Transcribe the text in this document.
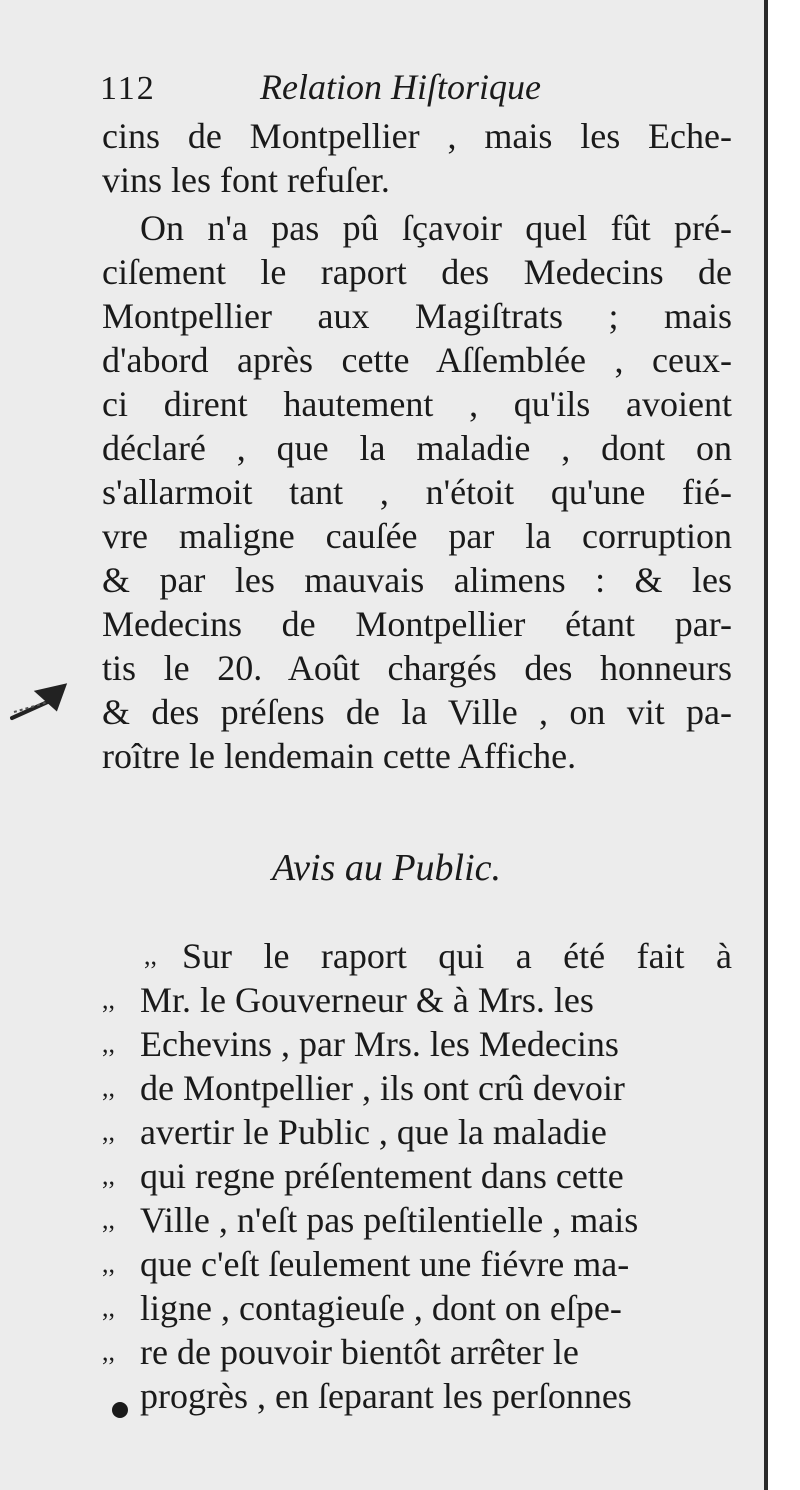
112	Relation Hiſtorique
cins de Montpellier , mais les Eche-
vins les font refuſer.
On n'a pas pû ſçavoir quel fût pré-
ciſement le raport des Medecins de
Montpellier aux Magiſtrats ; mais
d'abord après cette Aſſemblée , ceux-
ci dirent hautement , qu'ils avoient
déclaré , que la maladie , dont on
s'allarmoit tant , n'étoit qu'une fié-
vre maligne cauſée par la corruption
& par les mauvais alimens : & les
Medecins de Montpellier étant par-
tis le 20. Août chargés des honneurs
& des préſens de la Ville , on vit pa-
roître le lendemain cette Affiche.
Avis au Public.
,, Sur le raport qui a été fait à
,, Mr. le Gouverneur & à Mrs. les
,, Echevins , par Mrs. les Medecins
,, de Montpellier , ils ont crû devoir
,, avertir le Public , que la maladie
,, qui regne préſentement dans cette
,, Ville , n'eſt pas peſtilentielle , mais
,, que c'eſt ſeulement une fiévre ma-
,, ligne , contagieuſe , dont on eſpe-
,, re de pouvoir bientôt arrêter le
progrès , en ſeparant les perſonnes
